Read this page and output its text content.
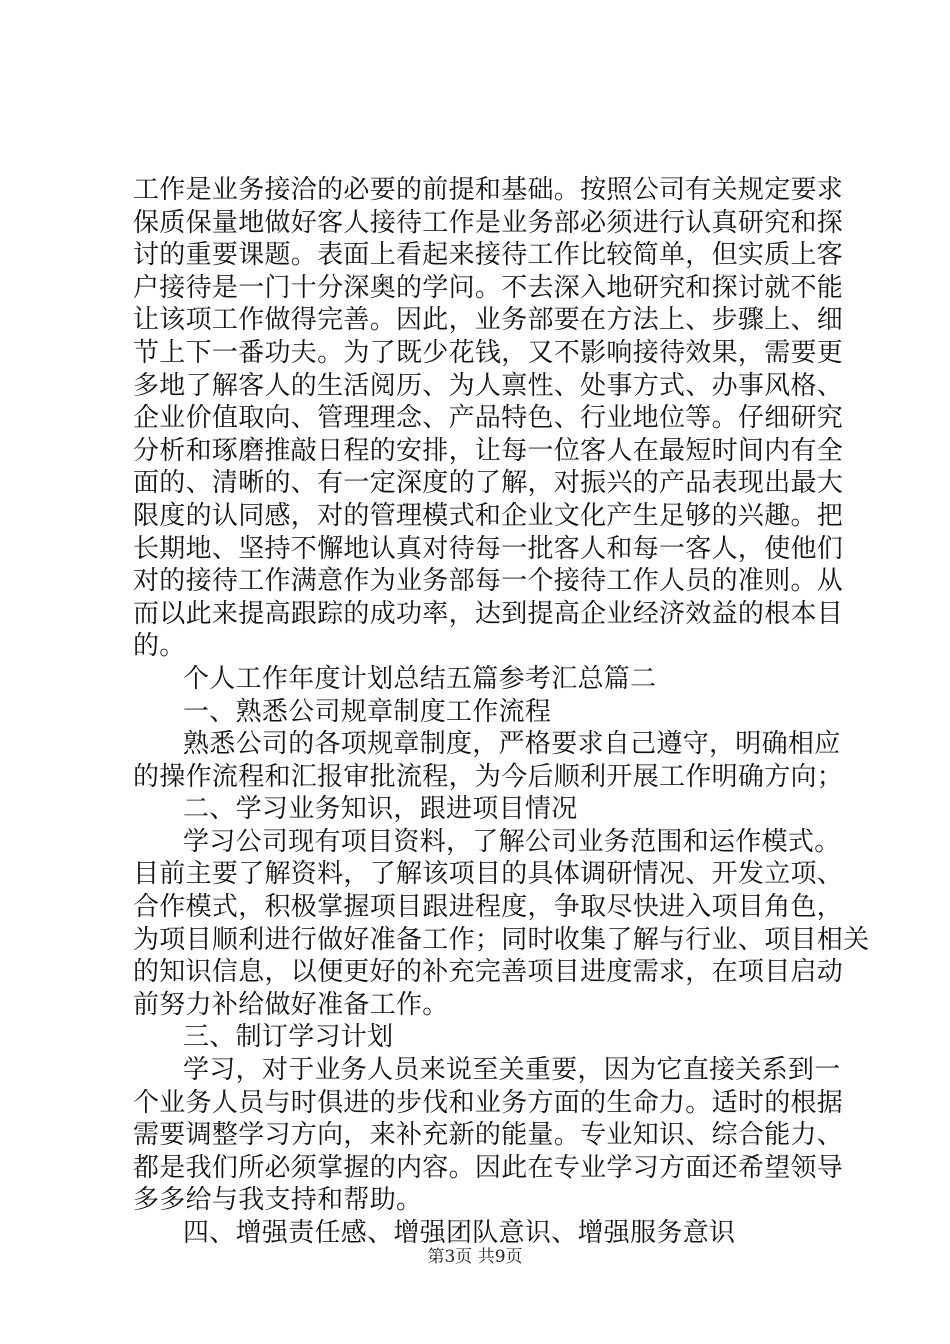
工作是业务接洽的必要的前提和基础。按照公司有关规定要求
保质保量地做好客人接待工作是业务部必须进行认真研究和探
讨的重要课题。表面上看起来接待工作比较简单，但实质上客
户接待是一门十分深奥的学问。不去深入地研究和探讨就不能
让该项工作做得完善。因此，业务部要在方法上、步骤上、细
节上下一番功夫。为了既少花钱，又不影响接待效果，需要更
多地了解客人的生活阅历、为人禀性、处事方式、办事风格、
企业价值取向、管理理念、产品特色、行业地位等。仔细研究
分析和琢磨推敲日程的安排，让每一位客人在最短时间内有全
面的、清晰的、有一定深度的了解，对振兴的产品表现出最大
限度的认同感，对的管理模式和企业文化产生足够的兴趣。把
长期地、坚持不懈地认真对待每一批客人和每一客人，使他们
对的接待工作满意作为业务部每一个接待工作人员的准则。从
而以此来提高跟踪的成功率，达到提高企业经济效益的根本目
的。
个人工作年度计划总结五篇参考汇总篇二
一、熟悉公司规章制度工作流程
熟悉公司的各项规章制度，严格要求自己遵守，明确相应
的操作流程和汇报审批流程，为今后顺利开展工作明确方向；
二、学习业务知识，跟进项目情况
学习公司现有项目资料，了解公司业务范围和运作模式。
目前主要了解资料，了解该项目的具体调研情况、开发立项、
合作模式，积极掌握项目跟进程度，争取尽快进入项目角色，
为项目顺利进行做好准备工作；同时收集了解与行业、项目相关
的知识信息，以便更好的补充完善项目进度需求，在项目启动
前努力补给做好准备工作。
三、制订学习计划
学习，对于业务人员来说至关重要，因为它直接关系到一
个业务人员与时俱进的步伐和业务方面的生命力。适时的根据
需要调整学习方向，来补充新的能量。专业知识、综合能力、
都是我们所必须掌握的内容。因此在专业学习方面还希望领导
多多给与我支持和帮助。
四、增强责任感、增强团队意识、增强服务意识
第3页 共9页
